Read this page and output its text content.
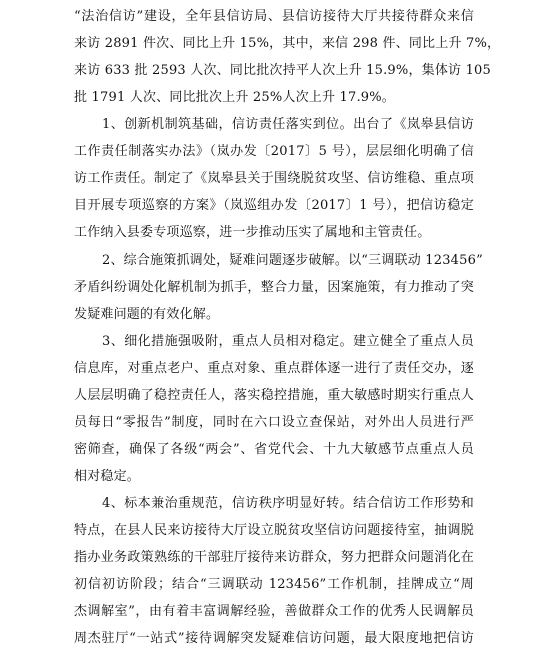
“法治信访”建设，全年县信访局、县信访接待大厅共接待群众来信
来访 2891 件次、同比上升 15%，其中，来信 298 件、同比上升 7%，
来访 633 批 2593 人次、同比批次持平人次上升 15.9%，集体访 105
批 1791 人次、同比批次上升 25%人次上升 17.9%。
1、创新机制筑基础，信访责任落实到位。出台了《岚皋县信访
工作责任制落实办法》（岚办发〔2017〕5 号），层层细化明确了信
访工作责任。制定了《岚皋县关于围绕脱贫攻坚、信访维稳、重点项
目开展专项巡察的方案》（岚巡组办发〔2017〕1 号），把信访稳定
工作纳入县委专项巡察，进一步推动压实了属地和主管责任。
2、综合施策抓调处，疑难问题逐步破解。以“三调联动 123456”
矛盾纠纷调处化解机制为抓手，整合力量，因案施策，有力推动了突
发疑难问题的有效化解。
3、细化措施强吸附，重点人员相对稳定。建立健全了重点人员
信息库，对重点老户、重点对象、重点群体逐一进行了责任交办，逐
人层层明确了稳控责任人，落实稳控措施，重大敏感时期实行重点人
员每日“零报告”制度，同时在六口设立查保站，对外出人员进行严
密筛查，确保了各级“两会”、省党代会、十九大敏感节点重点人员
相对稳定。
4、标本兼治重规范，信访秩序明显好转。结合信访工作形势和
特点，在县人民来访接待大厅设立脱贫攻坚信访问题接待室，抽调脱
指办业务政策熟练的干部驻厅接待来访群众，努力把群众问题消化在
初信初访阶段；结合“三调联动 123456”工作机制，挂牌成立“周
杰调解室”，由有着丰富调解经验，善做群众工作的优秀人民调解员
周杰驻厅“一站式”接待调解突发疑难信访问题，最大限度地把信访
